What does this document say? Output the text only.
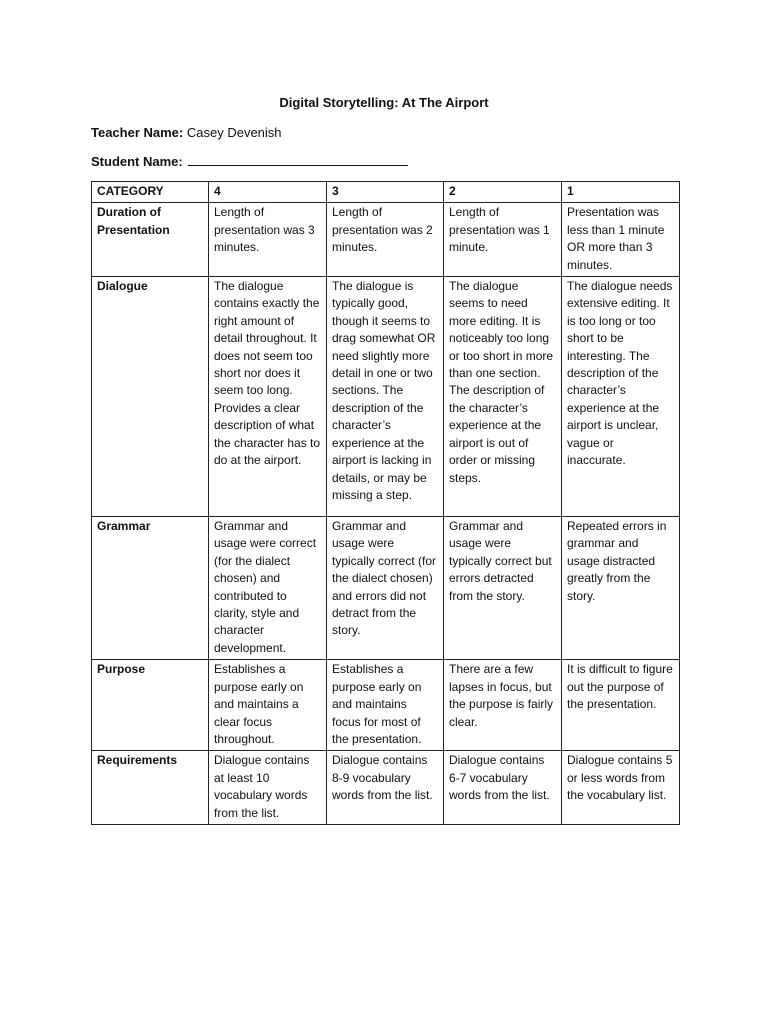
Digital Storytelling: At The Airport
Teacher Name: Casey Devenish
Student Name:
CATEGORY	4	3	2	1
Duration of Presentation	Length of presentation was 3 minutes.	Length of presentation was 2 minutes.	Length of presentation was 1 minute.	Presentation was less than 1 minute OR more than 3 minutes.
Dialogue	The dialogue contains exactly the right amount of detail throughout. It does not seem too short nor does it seem too long. Provides a clear description of what the character has to do at the airport.	The dialogue is typically good, though it seems to drag somewhat OR need slightly more detail in one or two sections. The description of the character’s experience at the airport is lacking in details, or may be missing a step.	The dialogue seems to need more editing. It is noticeably too long or too short in more than one section. The description of the character’s experience at the airport is out of order or missing steps.	The dialogue needs extensive editing. It is too long or too short to be interesting. The description of the character’s experience at the airport is unclear, vague or inaccurate.
Grammar	Grammar and usage were correct (for the dialect chosen) and contributed to clarity, style and character development.	Grammar and usage were typically correct (for the dialect chosen) and errors did not detract from the story.	Grammar and usage were typically correct but errors detracted from the story.	Repeated errors in grammar and usage distracted greatly from the story.
Purpose	Establishes a purpose early on and maintains a clear focus throughout.	Establishes a purpose early on and maintains focus for most of the presentation.	There are a few lapses in focus, but the purpose is fairly clear.	It is difficult to figure out the purpose of the presentation.
Requirements	Dialogue contains at least 10 vocabulary words from the list.	Dialogue contains 8-9 vocabulary words from the list.	Dialogue contains 6-7 vocabulary words from the list.	Dialogue contains 5 or less words from the vocabulary list.
